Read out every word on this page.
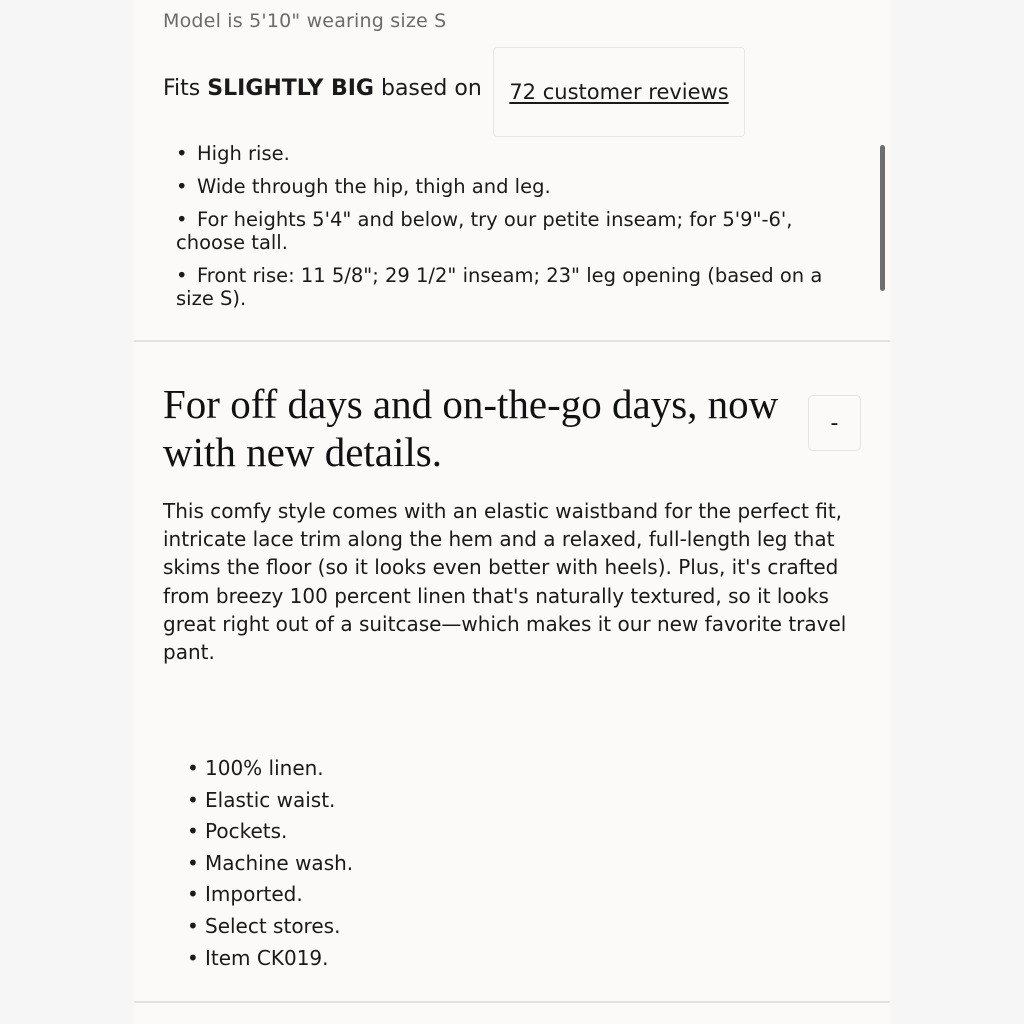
Model is 5'10" wearing size S

Fits SLIGHTLY BIG based on 72 customer reviews
• High rise.
• Wide through the hip, thigh and leg.
• For heights 5'4" and below, try our petite inseam; for 5'9"-6', choose tall.
• Front rise: 11 5/8"; 29 1/2" inseam; 23" leg opening (based on a size S).
For off days and on-the-go days, now with new details.
-

This comfy style comes with an elastic waistband for the perfect fit, intricate lace trim along the hem and a relaxed, full-length leg that skims the floor (so it looks even better with heels). Plus, it's crafted from breezy 100 percent linen that's naturally textured, so it looks great right out of a suitcase—which makes it our new favorite travel pant.

• 100% linen.
• Elastic waist.
• Pockets.
• Machine wash.
• Imported.
• Select stores.
• Item CK019.
